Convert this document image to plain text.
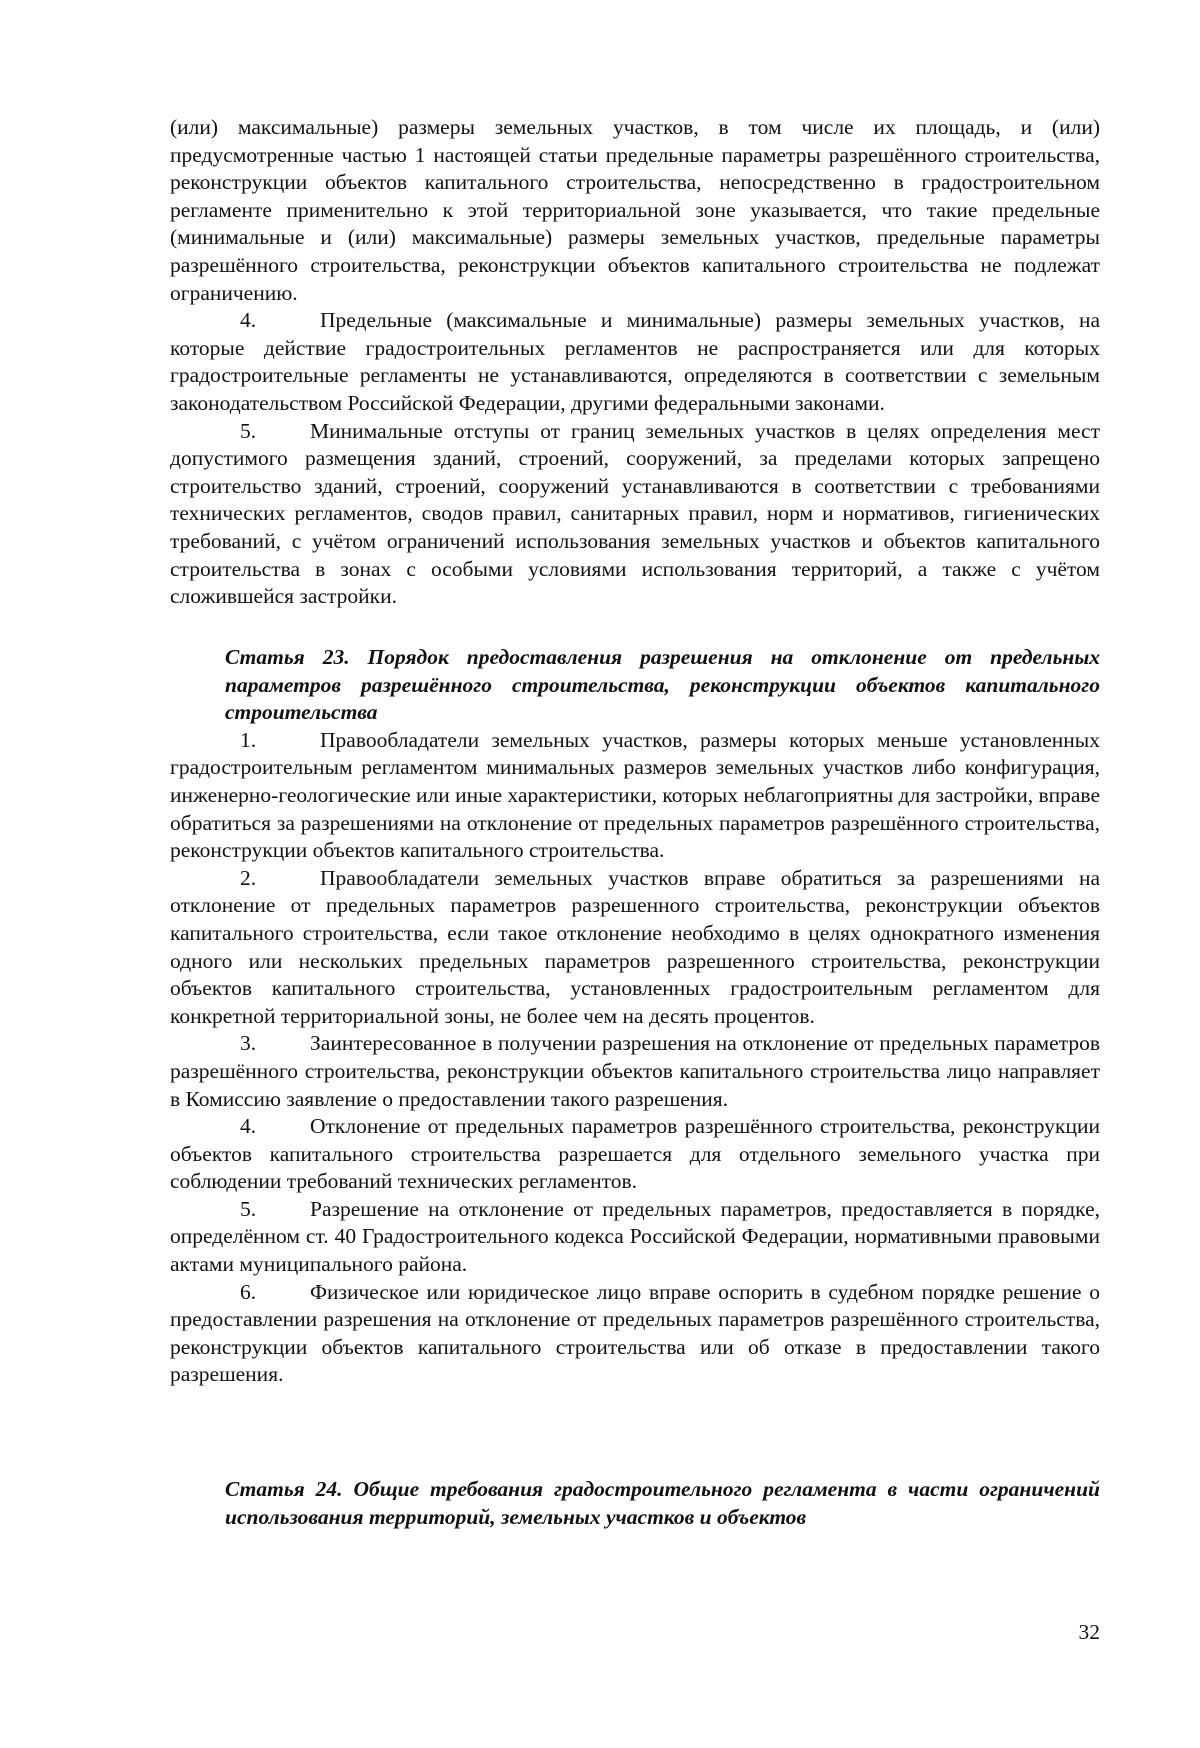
(или) максимальные) размеры земельных участков, в том числе их площадь, и (или) предусмотренные частью 1 настоящей статьи предельные параметры разрешённого строительства, реконструкции объектов капитального строительства, непосредственно в градостроительном регламенте применительно к этой территориальной зоне указывается, что такие предельные (минимальные и (или) максимальные) размеры земельных участков, предельные параметры разрешённого строительства, реконструкции объектов капитального строительства не подлежат ограничению.

4.	Предельные (максимальные и минимальные) размеры земельных участков, на которые действие градостроительных регламентов не распространяется или для которых градостроительные регламенты не устанавливаются, определяются в соответствии с земельным законодательством Российской Федерации, другими федеральными законами.

5.	Минимальные отступы от границ земельных участков в целях определения мест допустимого размещения зданий, строений, сооружений, за пределами которых запрещено строительство зданий, строений, сооружений устанавливаются в соответствии с требованиями технических регламентов, сводов правил, санитарных правил, норм и нормативов, гигиенических требований, с учётом ограничений использования земельных участков и объектов капитального строительства в зонах с особыми условиями использования территорий, а также с учётом сложившейся застройки.

Статья 23. Порядок предоставления разрешения на отклонение от предельных параметров разрешённого строительства, реконструкции объектов капитального строительства

1.	Правообладатели земельных участков, размеры которых меньше установленных градостроительным регламентом минимальных размеров земельных участков либо конфигурация, инженерно-геологические или иные характеристики, которых неблагоприятны для застройки, вправе обратиться за разрешениями на отклонение от предельных параметров разрешённого строительства, реконструкции объектов капитального строительства.

2.	Правообладатели земельных участков вправе обратиться за разрешениями на отклонение от предельных параметров разрешенного строительства, реконструкции объектов капитального строительства, если такое отклонение необходимо в целях однократного изменения одного или нескольких предельных параметров разрешенного строительства, реконструкции объектов капитального строительства, установленных градостроительным регламентом для конкретной территориальной зоны, не более чем на десять процентов.

3.	Заинтересованное в получении разрешения на отклонение от предельных параметров разрешённого строительства, реконструкции объектов капитального строительства лицо направляет в Комиссию заявление о предоставлении такого разрешения.

4.	Отклонение от предельных параметров разрешённого строительства, реконструкции объектов капитального строительства разрешается для отдельного земельного участка при соблюдении требований технических регламентов.

5.	Разрешение на отклонение от предельных параметров, предоставляется в порядке, определённом ст. 40 Градостроительного кодекса Российской Федерации, нормативными правовыми актами муниципального района.

6.	Физическое или юридическое лицо вправе оспорить в судебном порядке решение о предоставлении разрешения на отклонение от предельных параметров разрешённого строительства, реконструкции объектов капитального строительства или об отказе в предоставлении такого разрешения.

Статья 24. Общие требования градостроительного регламента в части ограничений использования территорий, земельных участков и объектов

32
